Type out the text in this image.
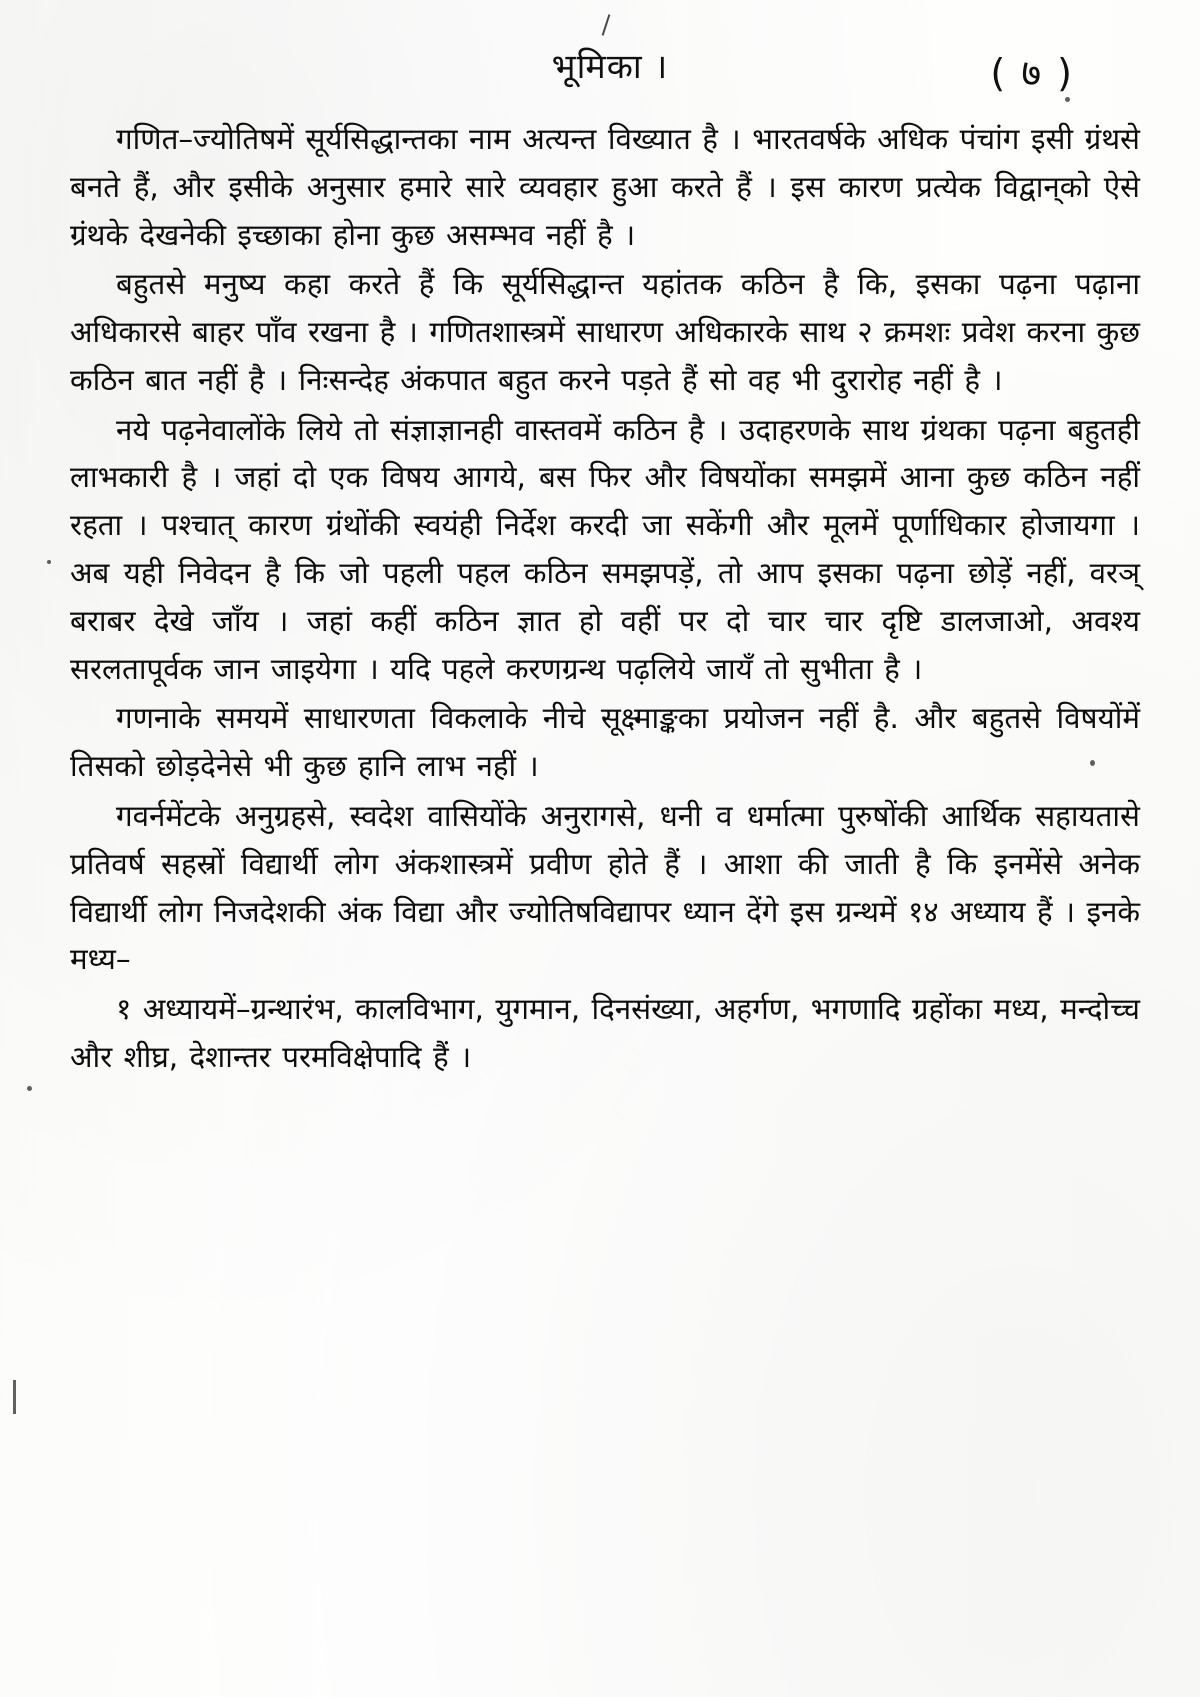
भूमिका ।	( ७ )

गणित–ज्योतिषमें सूर्यसिद्धान्तका नाम अत्यन्त विख्यात है । भारतवर्षके अधिक पंचांग इसी ग्रंथसे बनते हैं, और इसीके अनुसार हमारे सारे व्यवहार हुआ करते हैं । इस कारण प्रत्येक विद्वान्‌को ऐसे ग्रंथके देखनेकी इच्छाका होना कुछ असम्भव नहीं है ।

बहुतसे मनुष्य कहा करते हैं कि सूर्यसिद्धान्त यहांतक कठिन है कि, इसका पढ़ना पढ़ाना अधिकारसे बाहर पाँव रखना है । गणितशास्त्रमें साधारण अधिकारके साथ २ क्रमशः प्रवेश करना कुछ कठिन बात नहीं है । निःसन्देह अंकपात बहुत करने पड़ते हैं सो वह भी दुरारोह नहीं है ।

नये पढ़नेवालोंके लिये तो संज्ञाज्ञानही वास्तवमें कठिन है । उदाहरणके साथ ग्रंथका पढ़ना बहुतही लाभकारी है । जहां दो एक विषय आगये, बस फिर और विषयोंका समझमें आना कुछ कठिन नहीं रहता । पश्चात् कारण ग्रंथोंकी स्वयंही निर्देश करदी जा सकेंगी और मूलमें पूर्णाधिकार होजायगा । अब यही निवेदन है कि जो पहली पहल कठिन समझपड़ें, तो आप इसका पढ़ना छोड़ें नहीं, वरञ् बराबर देखे जाँय । जहां कहीं कठिन ज्ञात हो वहीं पर दो चार चार दृष्टि डालजाओ, अवश्य सरलतापूर्वक जान जाइयेगा । यदि पहले करणग्रन्थ पढ़लिये जायँ तो सुभीता है ।

गणनाके समयमें साधारणता विकलाके नीचे सूक्ष्माङ्कका प्रयोजन नहीं है. और बहुतसे विषयोंमें तिसको छोड़देनेसे भी कुछ हानि लाभ नहीं ।

गवर्नमेंटके अनुग्रहसे, स्वदेश वासियोंके अनुरागसे, धनी व धर्मात्मा पुरुषोंकी आर्थिक सहायतासे प्रतिवर्ष सहस्रों विद्यार्थी लोग अंकशास्त्रमें प्रवीण होते हैं । आशा की जाती है कि इनमेंसे अनेक विद्यार्थी लोग निजदेशकी अंक विद्या और ज्योतिषविद्यापर ध्यान देंगे इस ग्रन्थमें १४ अध्याय हैं । इनके मध्य–

१ अध्यायमें–ग्रन्थारंभ, कालविभाग, युगमान, दिनसंख्या, अहर्गण, भगणादि ग्रहोंका मध्य, मन्दोच्च और शीघ्र, देशान्तर परमविक्षेपादि हैं ।
